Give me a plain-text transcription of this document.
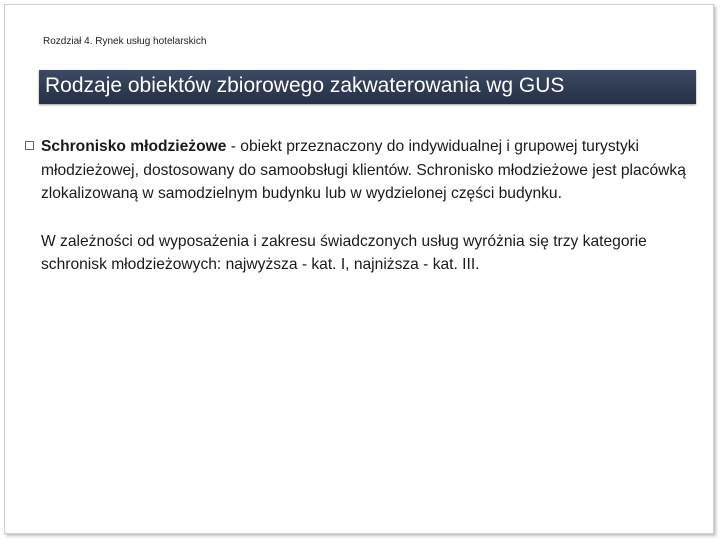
Rozdział 4. Rynek usług hotelarskich
Rodzaje obiektów zbiorowego zakwaterowania wg GUS
Schronisko młodzieżowe - obiekt przeznaczony do indywidualnej i grupowej turystyki młodzieżowej, dostosowany do samoobsługi klientów. Schronisko młodzieżowe jest placówką zlokalizowaną w samodzielnym budynku lub w wydzielonej części budynku.
W zależności od wyposażenia i zakresu świadczonych usług wyróżnia się trzy kategorie schronisk młodzieżowych: najwyższa - kat. I, najniższa - kat. III.
